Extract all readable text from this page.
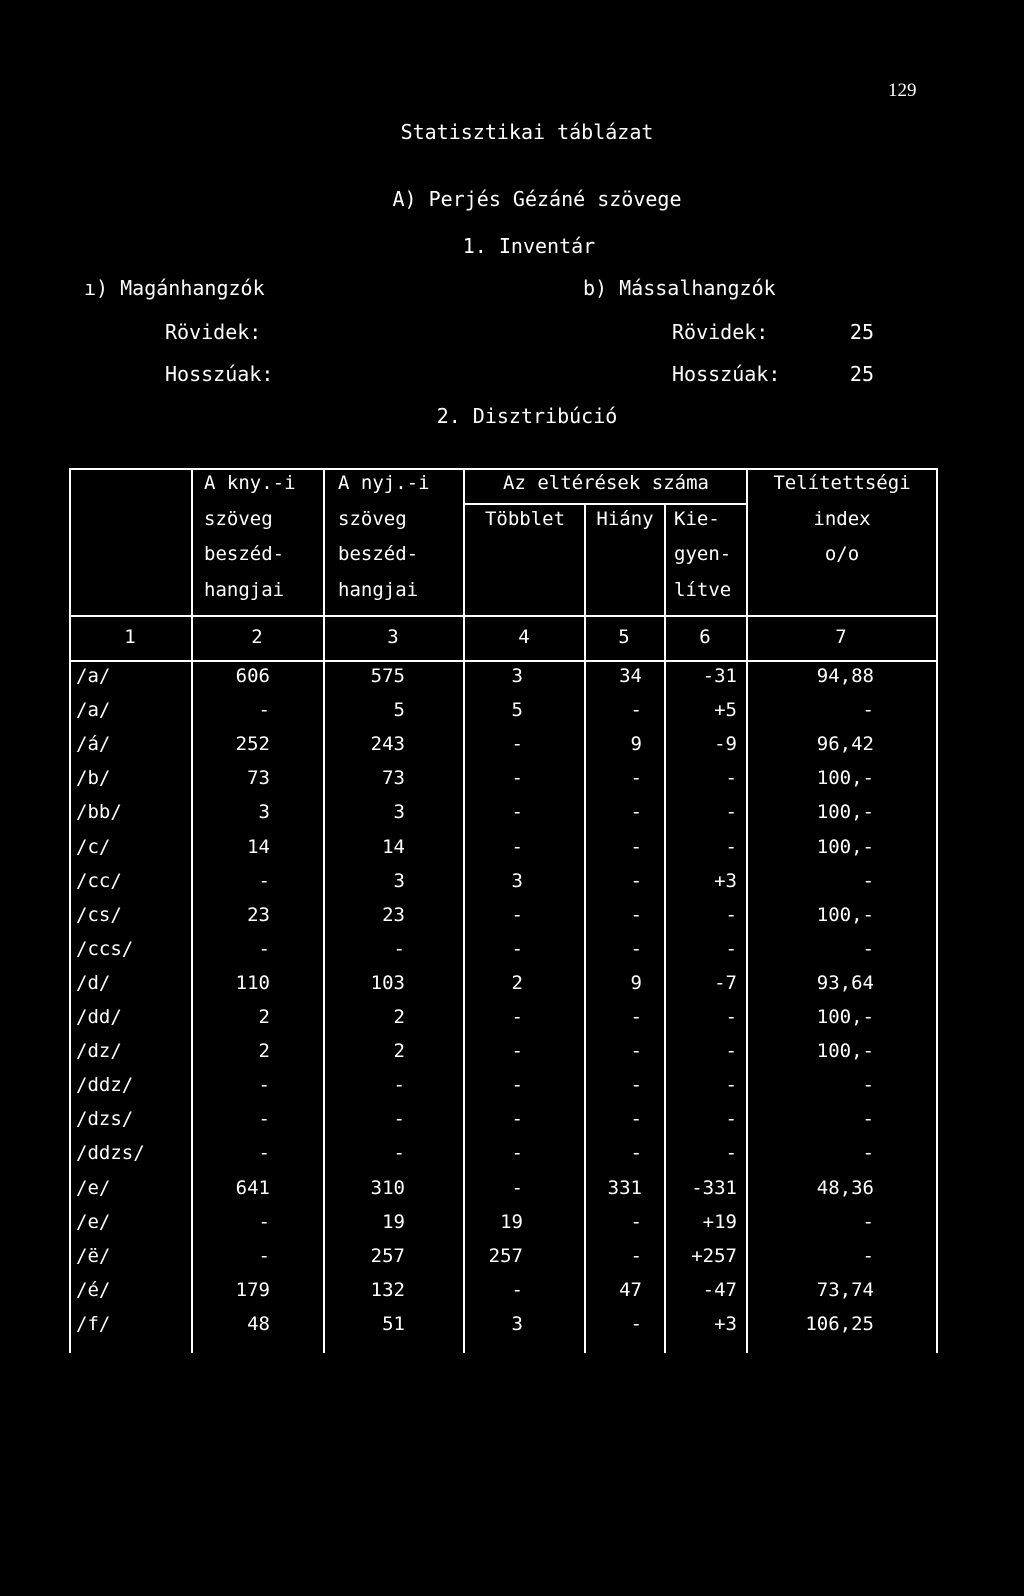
129
Statisztikai táblázat
A) Perjés Gézáné szövege
1. Inventár
ı) Magánhangzók
Rövidek:
Hosszúak:
b) Mássalhangzók
Rövidek:	25
Hosszúak:	25
2. Disztribúció
A kny.-i
szöveg
beszéd-
hangjai
A nyj.-i
szöveg
beszéd-
hangjai
Az eltérések száma
Többlet	Hiány	Kie-
gyen-
lítve
Telítettségi
index
o/o
1	2	3	4	5	6	7
/a/	606	575	3	34	-31	94,88
/a/	-	5	5	-	+5	-
/á/	252	243	-	9	-9	96,42
/b/	73	73	-	-	-	100,-
/bb/	3	3	-	-	-	100,-
/c/	14	14	-	-	-	100,-
/cc/	-	3	3	-	+3	-
/cs/	23	23	-	-	-	100,-
/ccs/	-	-	-	-	-	-
/d/	110	103	2	9	-7	93,64
/dd/	2	2	-	-	-	100,-
/dz/	2	2	-	-	-	100,-
/ddz/	-	-	-	-	-	-
/dzs/	-	-	-	-	-	-
/ddzs/	-	-	-	-	-	-
/e/	641	310	-	331	-331	48,36
/e/	-	19	19	-	+19	-
/ë/	-	257	257	-	+257	-
/é/	179	132	-	47	-47	73,74
/f/	48	51	3	-	+3	106,25
